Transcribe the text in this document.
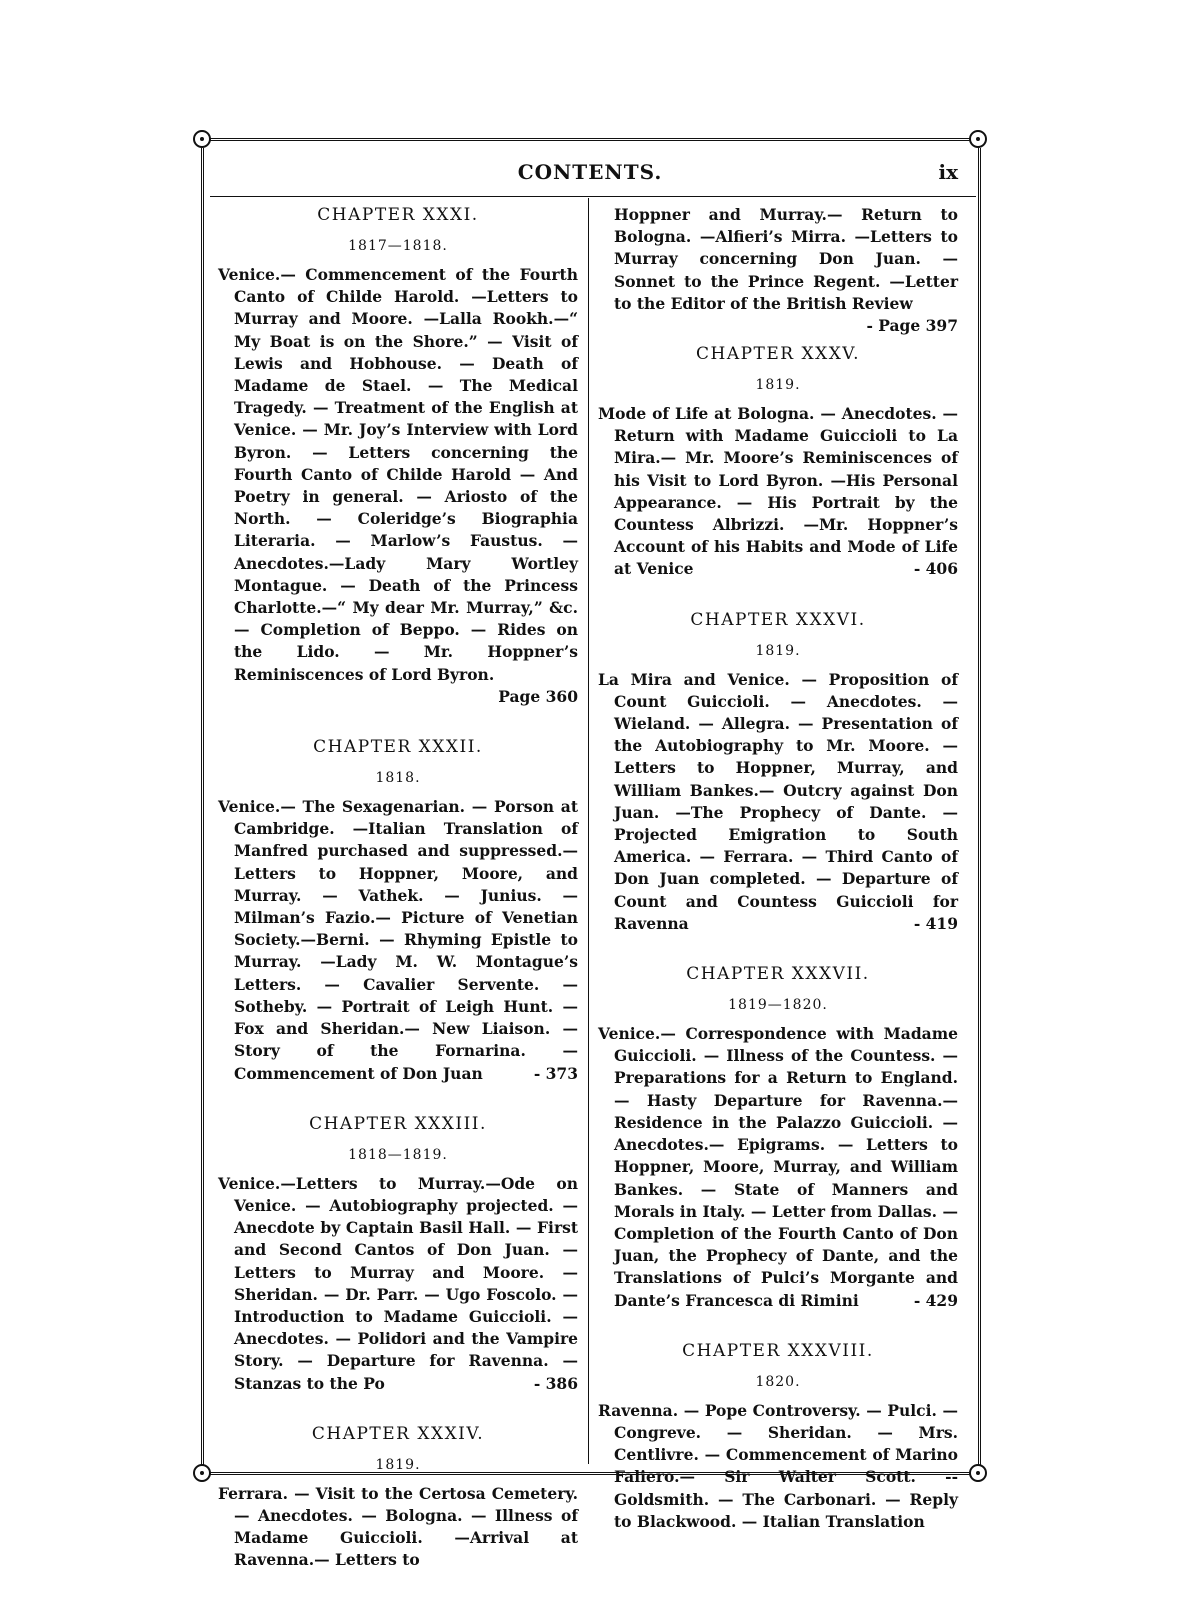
CONTENTS.	ix
CHAPTER XXXI.
1817—1818.
Venice.— Commencement of the Fourth Canto of Childe Harold. —Letters to Murray and Moore. —Lalla Rookh.—“ My Boat is on the Shore.” — Visit of Lewis and Hobhouse. — Death of Madame de Stael. — The Medical Tragedy. — Treatment of the English at Venice. — Mr. Joy’s Interview with Lord Byron. — Letters concerning the Fourth Canto of Childe Harold — And Poetry in general. — Ariosto of the North. — Coleridge’s Biographia Literaria. — Marlow’s Faustus. —Anecdotes.—Lady Mary Wortley Montague. — Death of the Princess Charlotte.—“ My dear Mr. Murray,” &c. — Completion of Beppo. — Rides on the Lido. — Mr. Hoppner’s Reminiscences of Lord Byron.
Page 360
CHAPTER XXXII.
1818.
Venice.— The Sexagenarian. — Porson at Cambridge. —Italian Translation of Manfred purchased and suppressed.—Letters to Hoppner, Moore, and Murray. — Vathek. — Junius. — Milman’s Fazio.— Picture of Venetian Society.—Berni. — Rhyming Epistle to Murray. —Lady M. W. Montague’s Letters. — Cavalier Servente. — Sotheby. — Portrait of Leigh Hunt. — Fox and Sheridan.— New Liaison. — Story of the Fornarina. — Commencement of Don Juan	- 373
CHAPTER XXXIII.
1818—1819.
Venice.—Letters to Murray.—Ode on Venice. — Autobiography projected. — Anecdote by Captain Basil Hall. — First and Second Cantos of Don Juan. — Letters to Murray and Moore. — Sheridan. — Dr. Parr. — Ugo Foscolo. — Introduction to Madame Guiccioli. — Anecdotes. — Polidori and the Vampire Story. — Departure for Ravenna. — Stanzas to the Po	- 386
CHAPTER XXXIV.
1819.
Ferrara. — Visit to the Certosa Cemetery. — Anecdotes. — Bologna. — Illness of Madame Guiccioli. —Arrival at Ravenna.— Letters to
Hoppner and Murray.— Return to Bologna. —Alfieri’s Mirra. —Letters to Murray concerning Don Juan. — Sonnet to the Prince Regent. —Letter to the Editor of the British Review
- Page 397
CHAPTER XXXV.
1819.
Mode of Life at Bologna. — Anecdotes. — Return with Madame Guiccioli to La Mira.— Mr. Moore’s Reminiscences of his Visit to Lord Byron. —His Personal Appearance. — His Portrait by the Countess Albrizzi. —Mr. Hoppner’s Account of his Habits and Mode of Life at Venice	- 406
CHAPTER XXXVI.
1819.
La Mira and Venice. — Proposition of Count Guiccioli. — Anecdotes. — Wieland. — Allegra. — Presentation of the Autobiography to Mr. Moore. — Letters to Hoppner, Murray, and William Bankes.— Outcry against Don Juan. —The Prophecy of Dante. —Projected Emigration to South America. — Ferrara. — Third Canto of Don Juan completed. — Departure of Count and Countess Guiccioli for Ravenna	- 419
CHAPTER XXXVII.
1819—1820.
Venice.— Correspondence with Madame Guiccioli. — Illness of the Countess. — Preparations for a Return to England. — Hasty Departure for Ravenna.— Residence in the Palazzo Guiccioli. —Anecdotes.— Epigrams. — Letters to Hoppner, Moore, Murray, and William Bankes. — State of Manners and Morals in Italy. — Letter from Dallas. — Completion of the Fourth Canto of Don Juan, the Prophecy of Dante, and the Translations of Pulci’s Morgante and Dante’s Francesca di Rimini	- 429
CHAPTER XXXVIII.
1820.
Ravenna. — Pope Controversy. — Pulci. — Congreve. — Sheridan. — Mrs. Centlivre. — Commencement of Marino Faliero.— Sir Walter Scott. -- Goldsmith. — The Carbonari. — Reply to Blackwood. — Italian Translation
